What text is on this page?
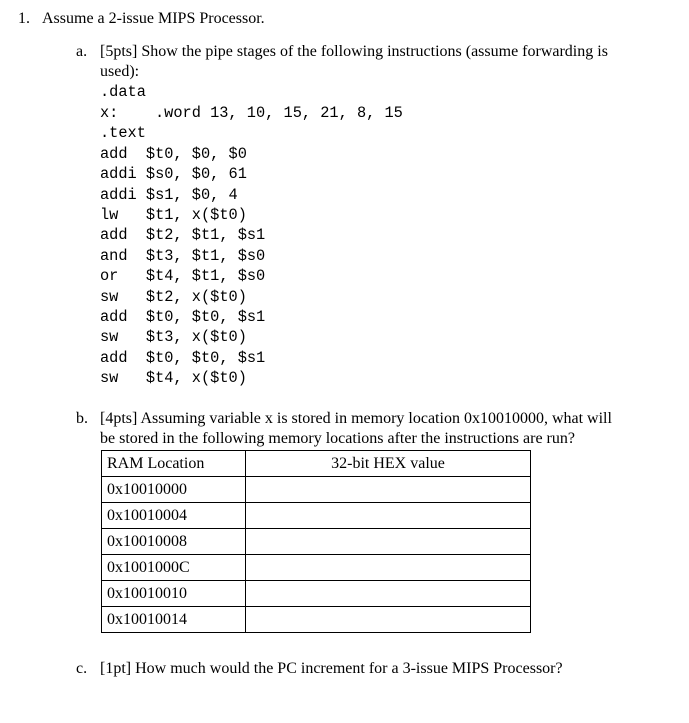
1. Assume a 2-issue MIPS Processor.
a. [5pts] Show the pipe stages of the following instructions (assume forwarding is
used):
.data
x: .word 13, 10, 15, 21, 8, 15
.text
add  $t0, $0, $0
addi $s0, $0, 61
addi $s1, $0, 4
lw   $t1, x($t0)
add  $t2, $t1, $s1
and  $t3, $t1, $s0
or   $t4, $t1, $s0
sw   $t2, x($t0)
add  $t0, $t0, $s1
sw   $t3, x($t0)
add  $t0, $t0, $s1
sw   $t4, x($t0)
b. [4pts] Assuming variable x is stored in memory location 0x10010000, what will
be stored in the following memory locations after the instructions are run?
RAM Location	32-bit HEX value
0x10010000	
0x10010004	
0x10010008	
0x1001000C	
0x10010010	
0x10010014	
c. [1pt] How much would the PC increment for a 3-issue MIPS Processor?
